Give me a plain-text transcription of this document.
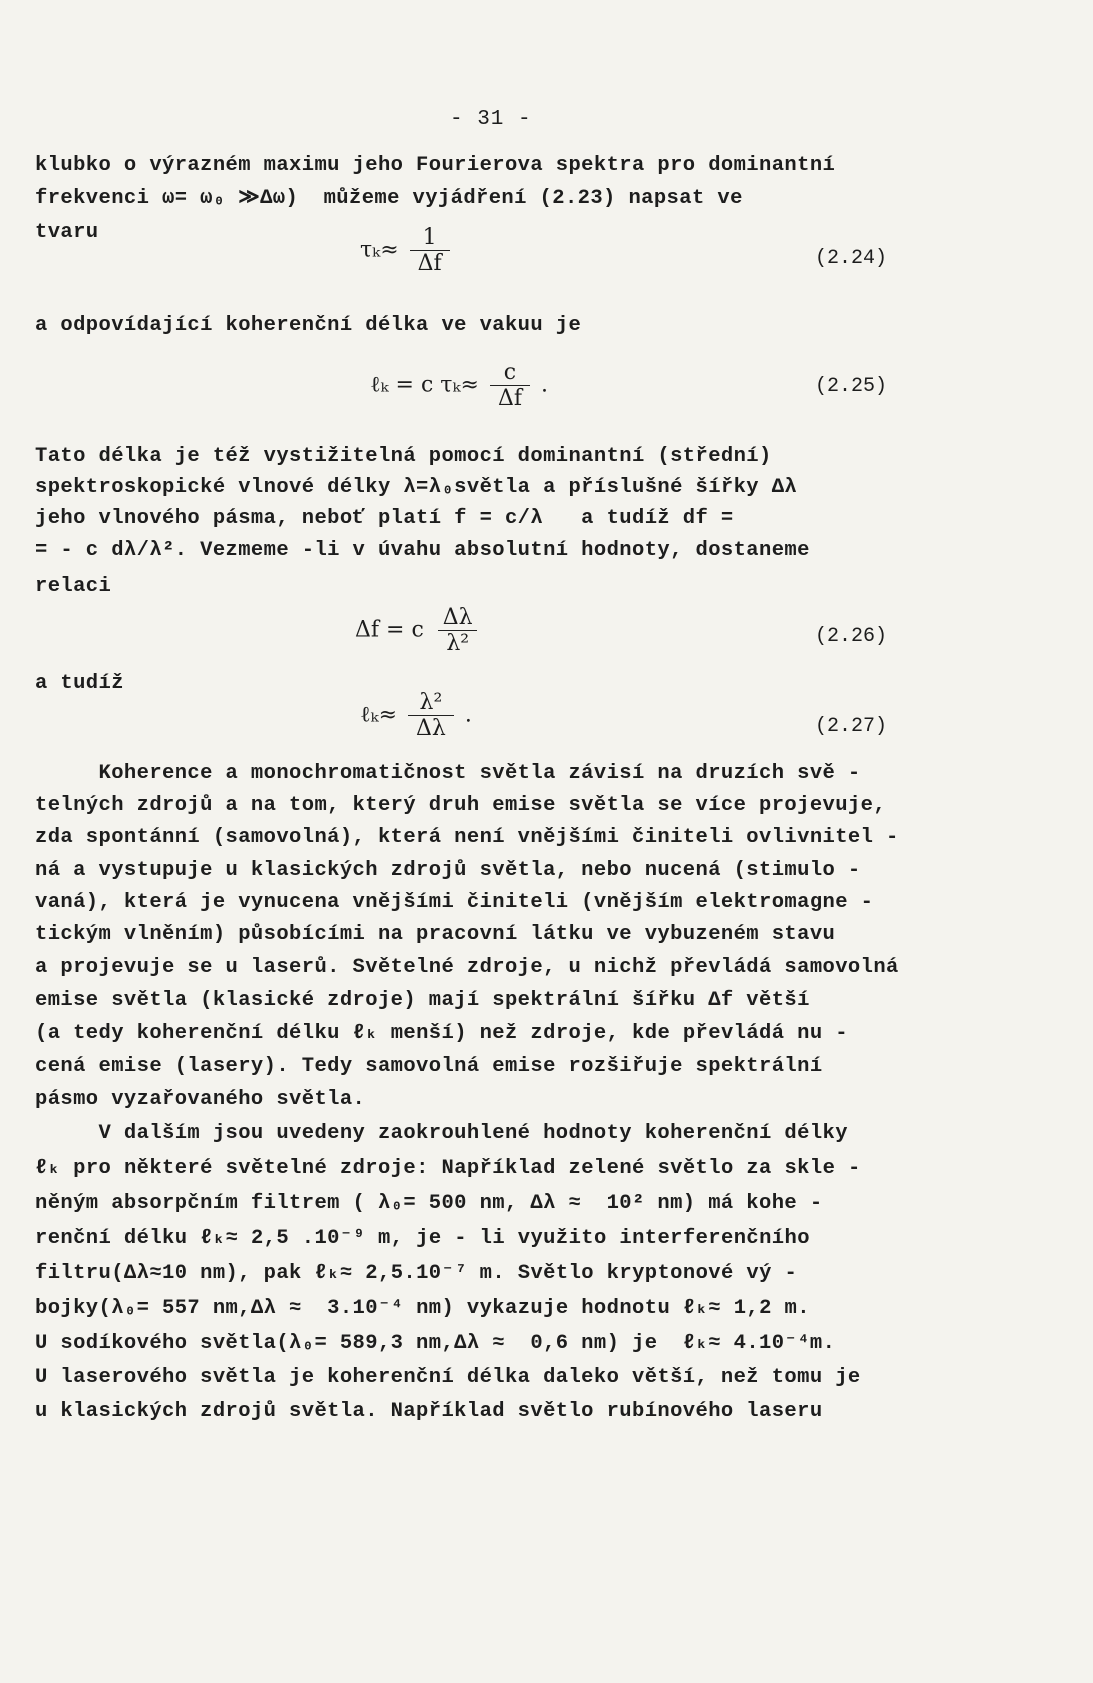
- 31 -
klubko o výrazném maximu jeho Fourierova spektra pro dominantní
frekvenci ω= ω₀ ≫Δω)  můžeme vyjádření (2.23) napsat ve
tvaru
a odpovídající koherenční délka ve vakuu je
Tato délka je též vystižitelná pomocí dominantní (střední)
spektroskopické vlnové délky λ=λ₀světla a příslušné šířky Δλ
jeho vlnového pásma, neboť platí f = c/λ   a tudíž df =
= - c dλ/λ². Vezmeme -li v úvahu absolutní hodnoty, dostaneme
relaci
a tudíž
Koherence a monochromatičnost světla závisí na druzích svě -
telných zdrojů a na tom, který druh emise světla se více projevuje,
zda spontánní (samovolná), která není vnějšími činiteli ovlivnitel -
ná a vystupuje u klasických zdrojů světla, nebo nucená (stimulo -
vaná), která je vynucena vnějšími činiteli (vnějším elektromagne -
tickým vlněním) působícími na pracovní látku ve vybuzeném stavu
a projevuje se u laserů. Světelné zdroje, u nichž převládá samovolná
emise světla (klasické zdroje) mají spektrální šířku Δf větší
(a tedy koherenční délku ℓₖ menší) než zdroje, kde převládá nu -
cená emise (lasery). Tedy samovolná emise rozšiřuje spektrální
pásmo vyzařovaného světla.
V dalším jsou uvedeny zaokrouhlené hodnoty koherenční délky
ℓₖ pro některé světelné zdroje: Například zelené světlo za skle -
něným absorpčním filtrem ( λ₀= 500 nm, Δλ ≈  10² nm) má kohe -
renční délku ℓₖ≈ 2,5 .10⁻⁹ m, je - li využito interferenčního
filtru(Δλ≈10 nm), pak ℓₖ≈ 2,5.10⁻⁷ m. Světlo kryptonové vý -
bojky(λ₀= 557 nm,Δλ ≈  3.10⁻⁴ nm) vykazuje hodnotu ℓₖ≈ 1,2 m.
U sodíkového světla(λ₀= 589,3 nm,Δλ ≈  0,6 nm) je  ℓₖ≈ 4.10⁻⁴m.
U laserového světla je koherenční délka daleko větší, než tomu je
u klasických zdrojů světla. Například světlo rubínového laseru
$\tau_k\approx \frac{1}{\Delta f}$	(2.24)
ℓₖ = c $\tau_k\approx \frac{c}{\Delta f}$ .	(2.25)
Δf = c $\frac{\Delta\lambda}{\text{λ²}}$	(2.26)
ℓₖ≈ $\frac{\text{λ²}}{\Delta\lambda}$ .	(2.27)
